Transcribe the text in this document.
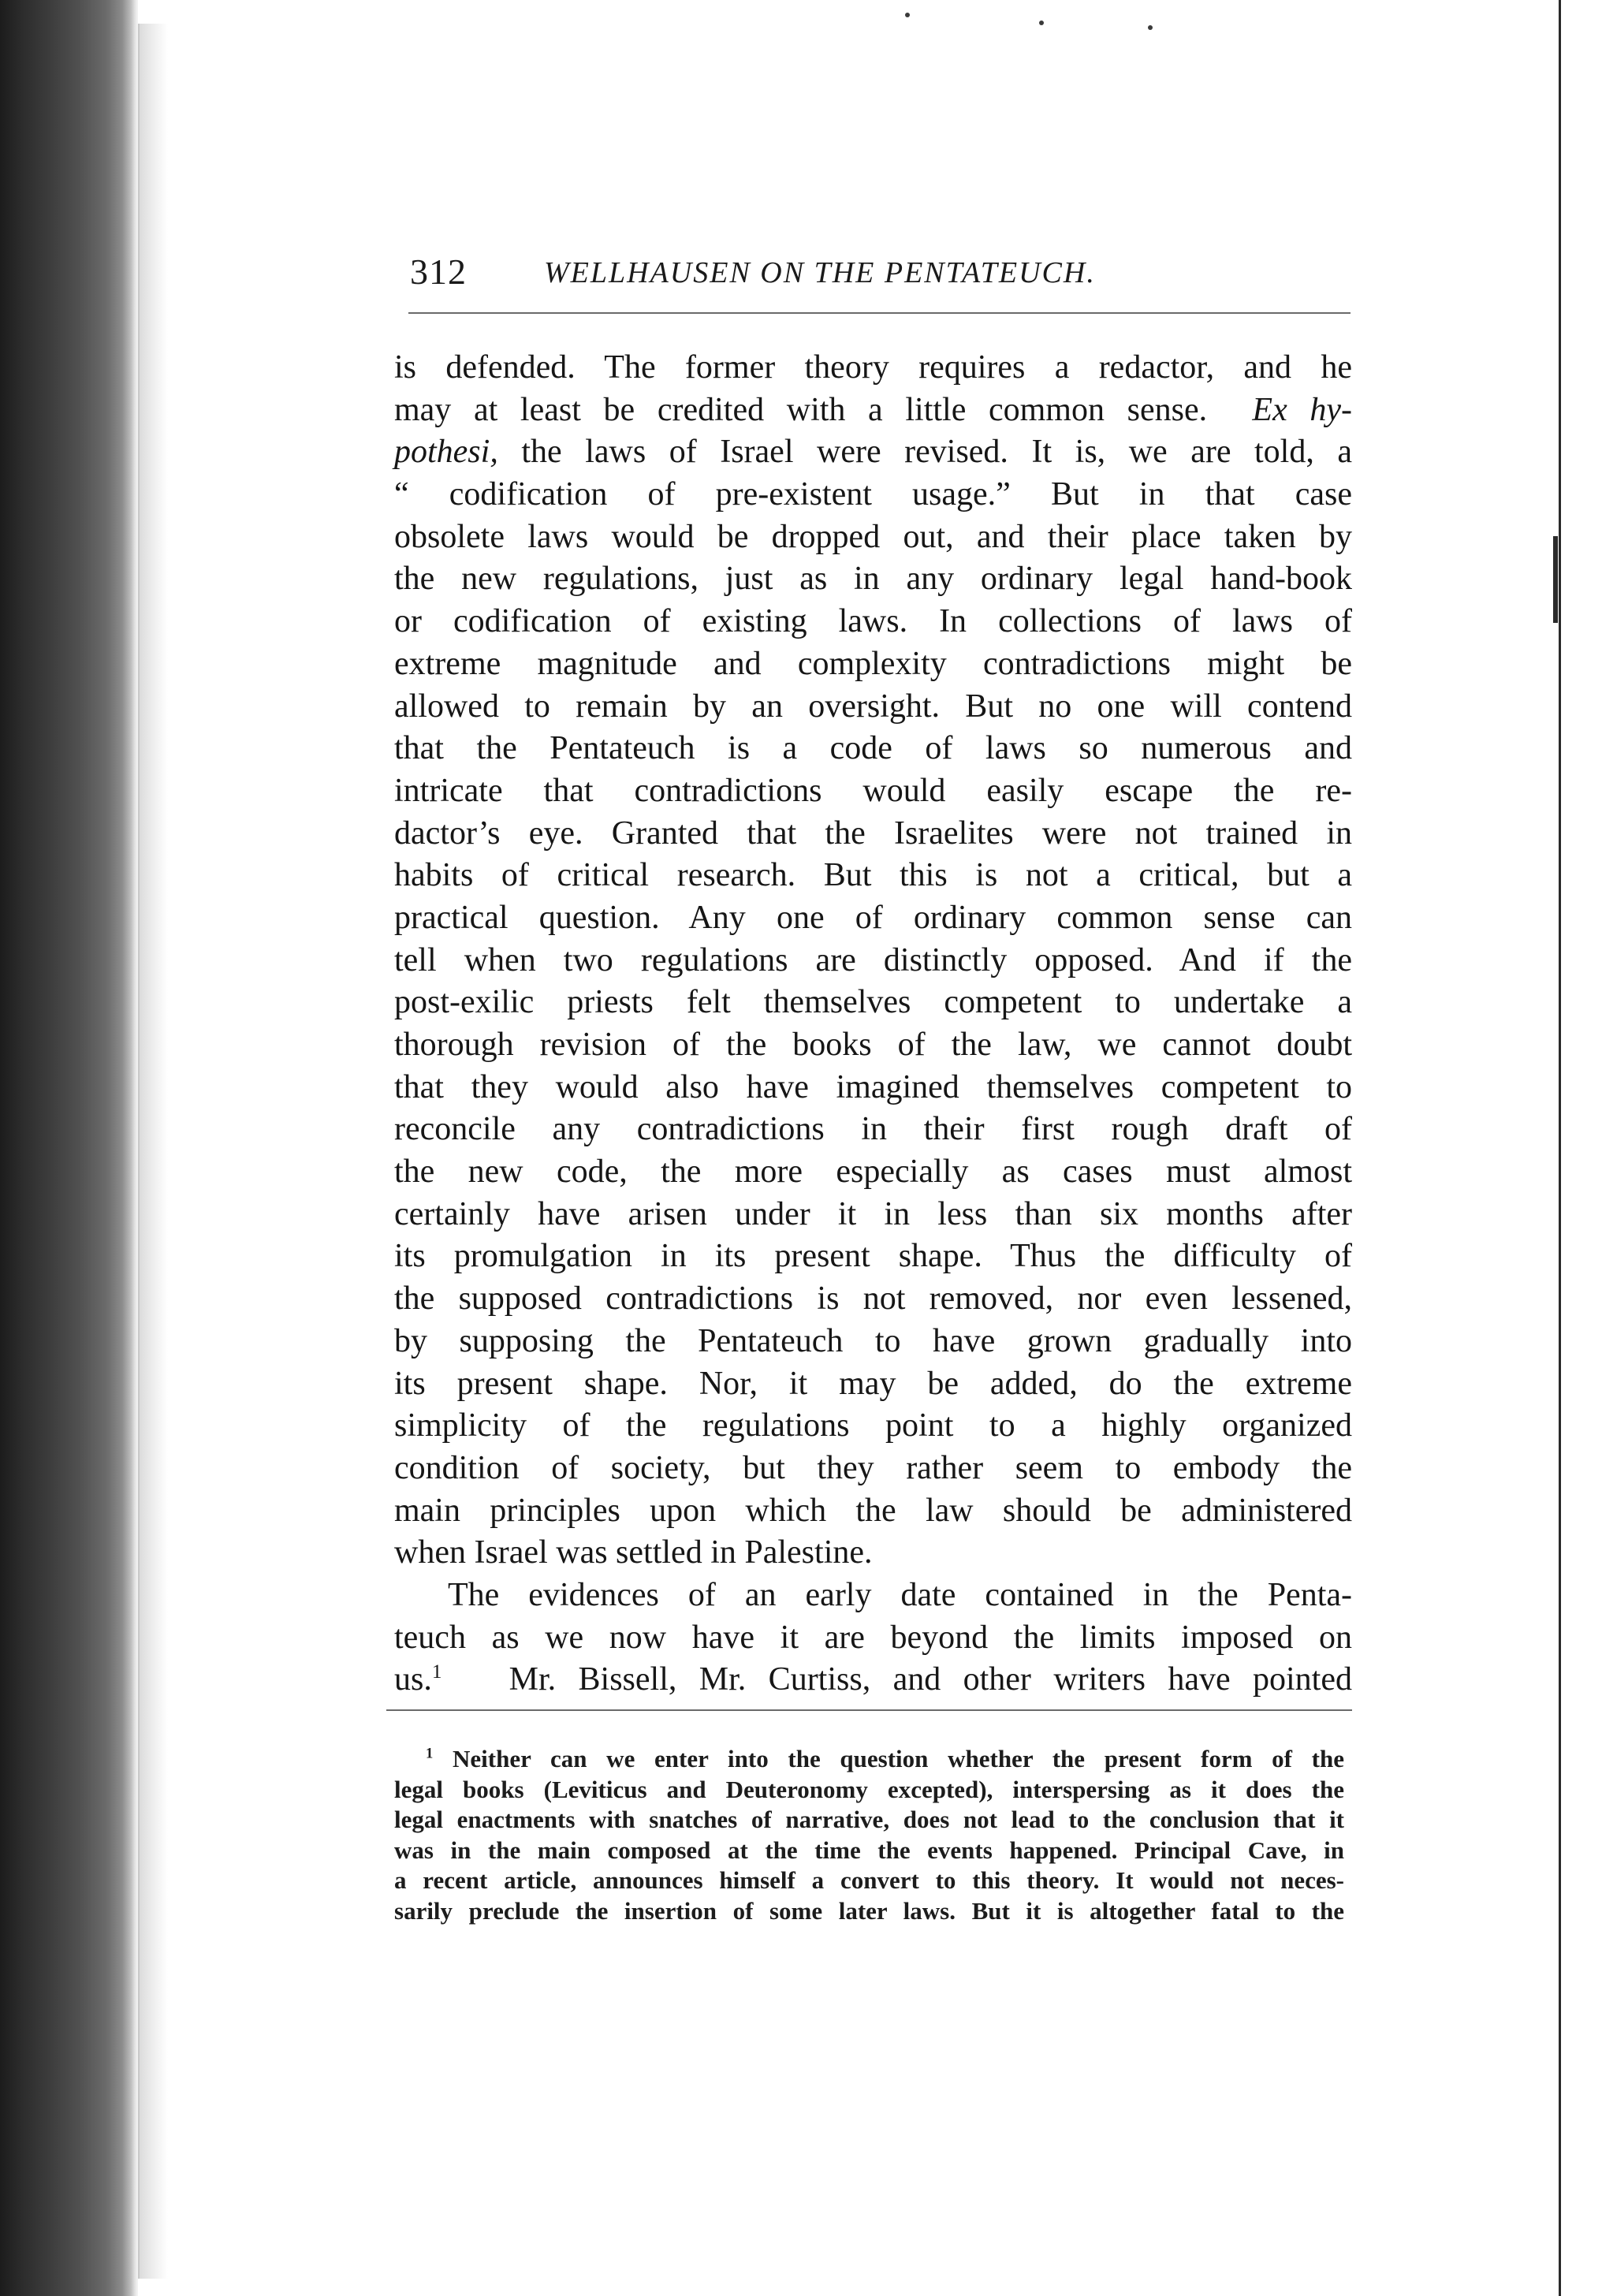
312	WELLHAUSEN ON THE PENTATEUCH.
is defended. The former theory requires a redactor, and he
may at least be credited with a little common sense. Ex hy-
pothesi, the laws of Israel were revised. It is, we are told, a
“ codification of pre-existent usage.” But in that case
obsolete laws would be dropped out, and their place taken by
the new regulations, just as in any ordinary legal hand-book
or codification of existing laws. In collections of laws of
extreme magnitude and complexity contradictions might be
allowed to remain by an oversight. But no one will contend
that the Pentateuch is a code of laws so numerous and
intricate that contradictions would easily escape the re-
dactor’s eye. Granted that the Israelites were not trained in
habits of critical research. But this is not a critical, but a
practical question. Any one of ordinary common sense can
tell when two regulations are distinctly opposed. And if the
post-exilic priests felt themselves competent to undertake a
thorough revision of the books of the law, we cannot doubt
that they would also have imagined themselves competent to
reconcile any contradictions in their first rough draft of
the new code, the more especially as cases must almost
certainly have arisen under it in less than six months after
its promulgation in its present shape. Thus the difficulty of
the supposed contradictions is not removed, nor even lessened,
by supposing the Pentateuch to have grown gradually into
its present shape. Nor, it may be added, do the extreme
simplicity of the regulations point to a highly organized
condition of society, but they rather seem to embody the
main principles upon which the law should be administered
when Israel was settled in Palestine.
The evidences of an early date contained in the Penta-
teuch as we now have it are beyond the limits imposed on
us.$^1$ Mr. Bissell, Mr. Curtiss, and other writers have pointed
$^1$ Neither can we enter into the question whether the present form of the
legal books (Leviticus and Deuteronomy excepted), interspersing as it does the
legal enactments with snatches of narrative, does not lead to the conclusion that it
was in the main composed at the time the events happened. Principal Cave, in
a recent article, announces himself a convert to this theory. It would not neces-
sarily preclude the insertion of some later laws. But it is altogether fatal to the
